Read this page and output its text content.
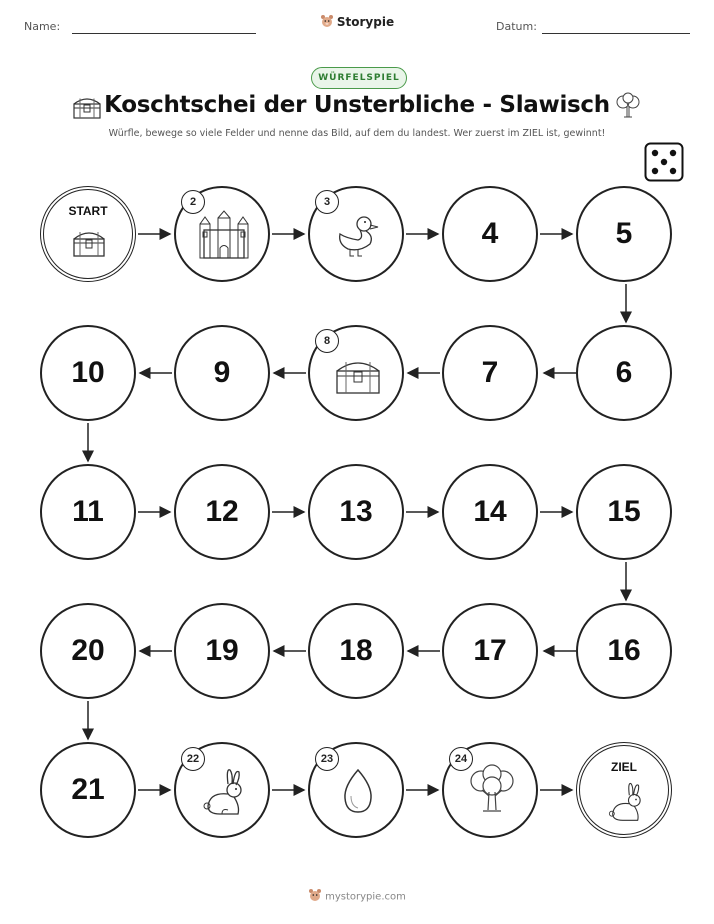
Name:	Storypie	Datum:
WÜRFELSPIEL
Koschtschei der Unsterbliche - Slawisch
Würfle, bewege so viele Felder und nenne das Bild, auf dem du landest. Wer zuerst im ZIEL ist, gewinnt!
START
2	3
4	5
6
7
8
9
10
11	12	13	14	15
16
17
18
19
20
21
22	23	24
ZIEL
mystorypie.com
